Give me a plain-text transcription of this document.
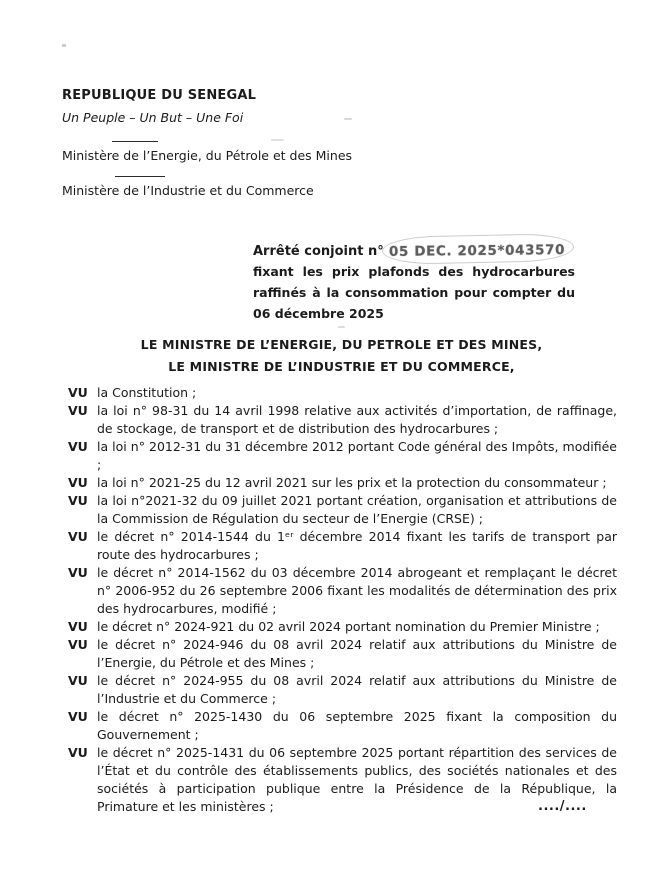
REPUBLIQUE DU SENEGAL
Un Peuple – Un But – Une Foi
Ministère de l’Energie, du Pétrole et des Mines
Ministère de l’Industrie et du Commerce
Arrêté conjoint n° 05 DEC. 2025*043570
fixant les prix plafonds des hydrocarbures raffinés à la consommation pour compter du 06 décembre 2025
LE MINISTRE DE L’ENERGIE, DU PETROLE ET DES MINES,
LE MINISTRE DE L’INDUSTRIE ET DU COMMERCE,
VU la Constitution ;
VU la loi n° 98-31 du 14 avril 1998 relative aux activités d’importation, de raffinage, de stockage, de transport et de distribution des hydrocarbures ;
VU la loi n° 2012-31 du 31 décembre 2012 portant Code général des Impôts, modifiée ;
VU la loi n° 2021-25 du 12 avril 2021 sur les prix et la protection du consommateur ;
VU la loi n°2021-32 du 09 juillet 2021 portant création, organisation et attributions de la Commission de Régulation du secteur de l’Energie (CRSE) ;
VU le décret n° 2014-1544 du 1ᵉʳ décembre 2014 fixant les tarifs de transport par route des hydrocarbures ;
VU le décret n° 2014-1562 du 03 décembre 2014 abrogeant et remplaçant le décret n° 2006-952 du 26 septembre 2006 fixant les modalités de détermination des prix des hydrocarbures, modifié ;
VU le décret n° 2024-921 du 02 avril 2024 portant nomination du Premier Ministre ;
VU le décret n° 2024-946 du 08 avril 2024 relatif aux attributions du Ministre de l’Energie, du Pétrole et des Mines ;
VU le décret n° 2024-955 du 08 avril 2024 relatif aux attributions du Ministre de l’Industrie et du Commerce ;
VU le décret n° 2025-1430 du 06 septembre 2025 fixant la composition du Gouvernement ;
VU le décret n° 2025-1431 du 06 septembre 2025 portant répartition des services de l’État et du contrôle des établissements publics, des sociétés nationales et des sociétés à participation publique entre la Présidence de la République, la Primature et les ministères ;	..../....
